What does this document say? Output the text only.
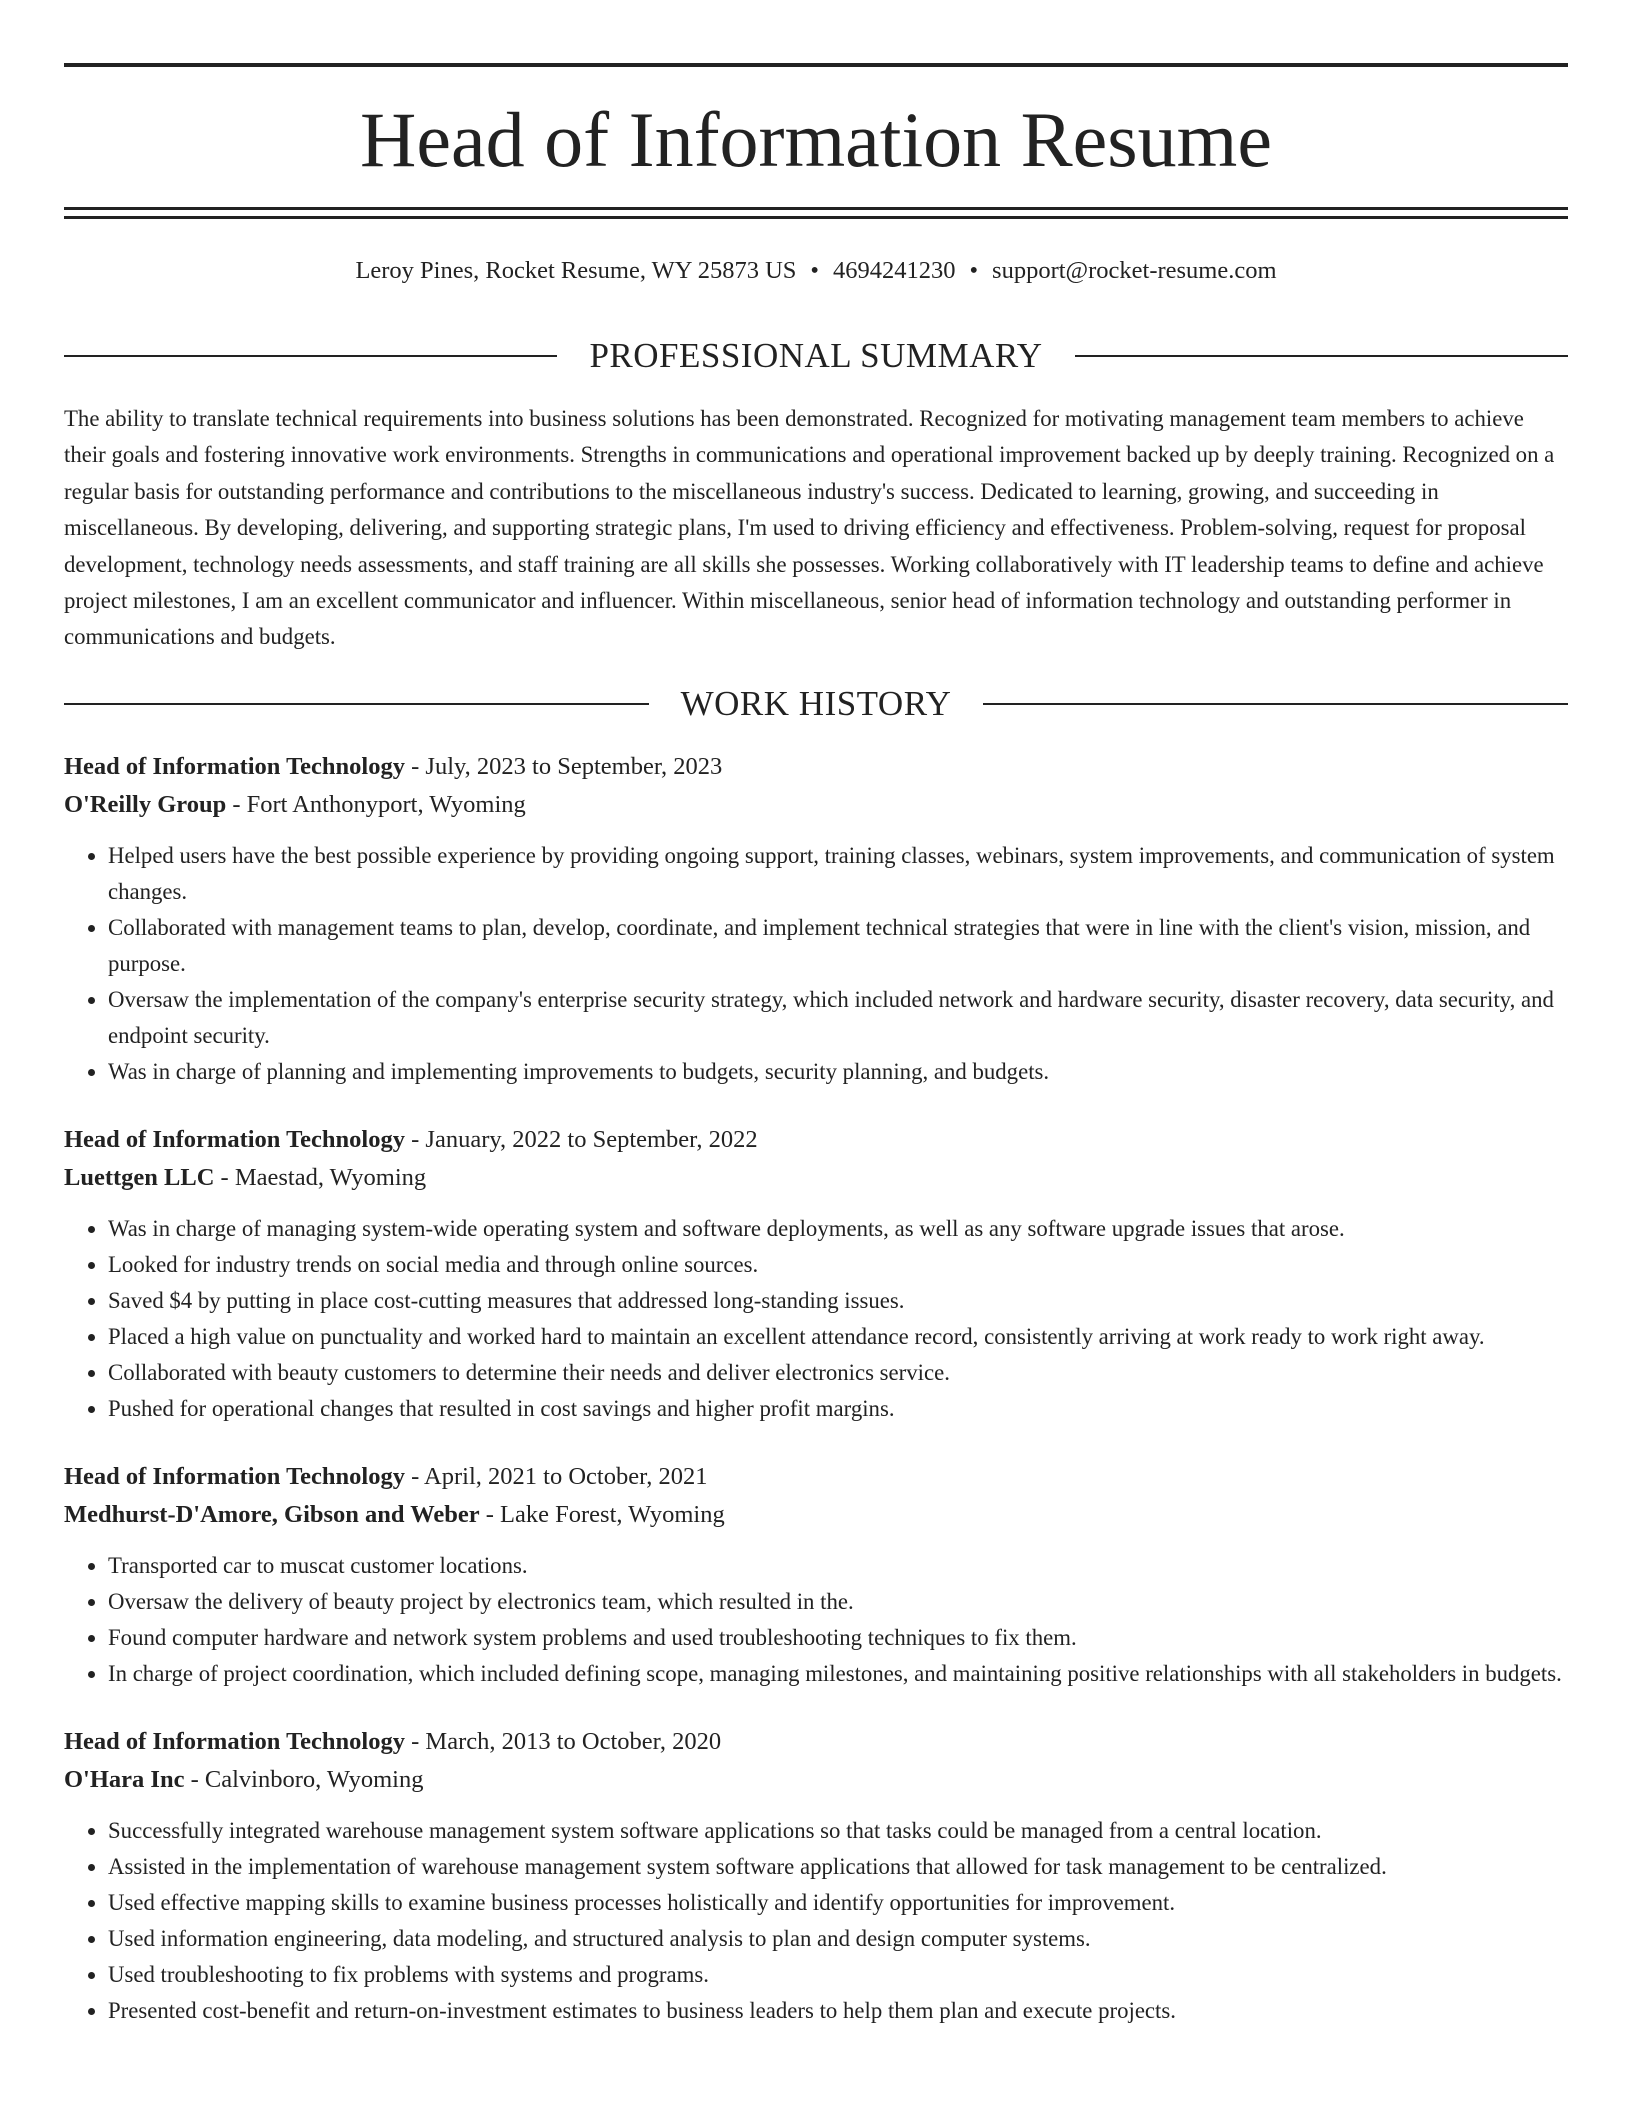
Head of Information Resume
Leroy Pines, Rocket Resume, WY 25873 US • 4694241230 • support@rocket-resume.com
PROFESSIONAL SUMMARY

The ability to translate technical requirements into business solutions has been demonstrated. Recognized for motivating management team members to achieve their goals and fostering innovative work environments. Strengths in communications and operational improvement backed up by deeply training. Recognized on a regular basis for outstanding performance and contributions to the miscellaneous industry's success. Dedicated to learning, growing, and succeeding in miscellaneous. By developing, delivering, and supporting strategic plans, I'm used to driving efficiency and effectiveness. Problem-solving, request for proposal development, technology needs assessments, and staff training are all skills she possesses. Working collaboratively with IT leadership teams to define and achieve project milestones, I am an excellent communicator and influencer. Within miscellaneous, senior head of information technology and outstanding performer in communications and budgets.

WORK HISTORY

Head of Information Technology - July, 2023 to September, 2023

O'Reilly Group - Fort Anthonyport, Wyoming

• Helped users have the best possible experience by providing ongoing support, training classes, webinars, system improvements, and communication of system changes.
• Collaborated with management teams to plan, develop, coordinate, and implement technical strategies that were in line with the client's vision, mission, and purpose.
• Oversaw the implementation of the company's enterprise security strategy, which included network and hardware security, disaster recovery, data security, and endpoint security.
• Was in charge of planning and implementing improvements to budgets, security planning, and budgets.

Head of Information Technology - January, 2022 to September, 2022

Luettgen LLC - Maestad, Wyoming

• Was in charge of managing system-wide operating system and software deployments, as well as any software upgrade issues that arose.
• Looked for industry trends on social media and through online sources.
• Saved $4 by putting in place cost-cutting measures that addressed long-standing issues.
• Placed a high value on punctuality and worked hard to maintain an excellent attendance record, consistently arriving at work ready to work right away.
• Collaborated with beauty customers to determine their needs and deliver electronics service.
• Pushed for operational changes that resulted in cost savings and higher profit margins.

Head of Information Technology - April, 2021 to October, 2021

Medhurst-D'Amore, Gibson and Weber - Lake Forest, Wyoming

• Transported car to muscat customer locations.
• Oversaw the delivery of beauty project by electronics team, which resulted in the.
• Found computer hardware and network system problems and used troubleshooting techniques to fix them.
• In charge of project coordination, which included defining scope, managing milestones, and maintaining positive relationships with all stakeholders in budgets.

Head of Information Technology - March, 2013 to October, 2020

O'Hara Inc - Calvinboro, Wyoming

• Successfully integrated warehouse management system software applications so that tasks could be managed from a central location.
• Assisted in the implementation of warehouse management system software applications that allowed for task management to be centralized.
• Used effective mapping skills to examine business processes holistically and identify opportunities for improvement.
• Used information engineering, data modeling, and structured analysis to plan and design computer systems.
• Used troubleshooting to fix problems with systems and programs.
• Presented cost-benefit and return-on-investment estimates to business leaders to help them plan and execute projects.
